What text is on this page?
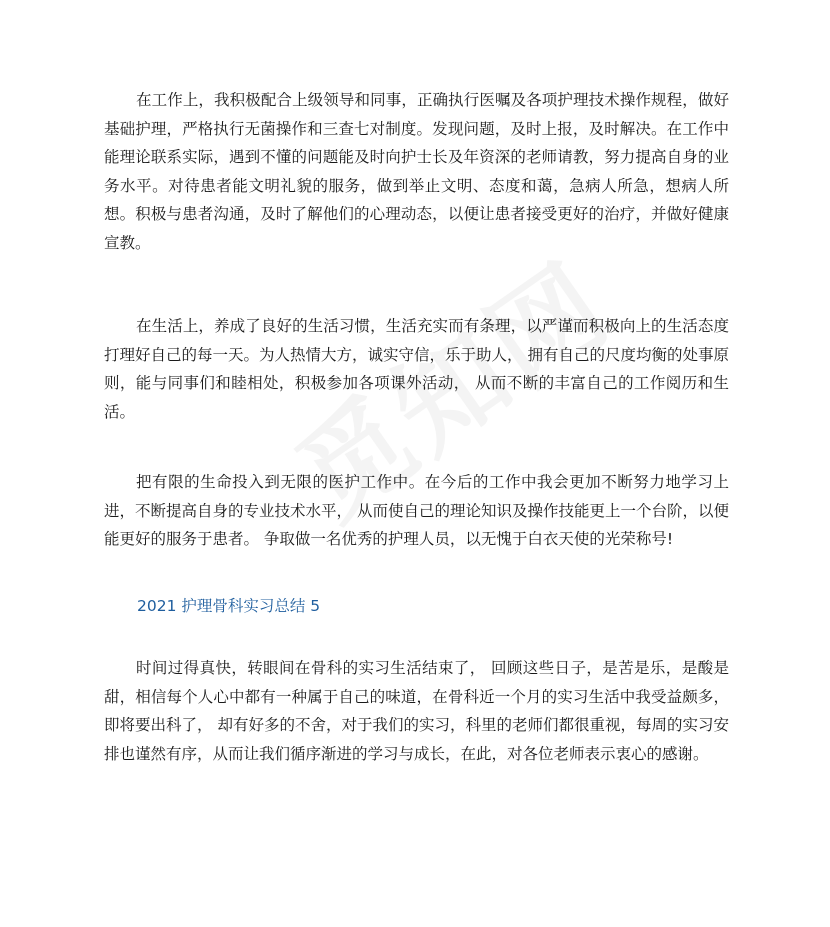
在工作上，我积极配合上级领导和同事，正确执行医嘱及各项护理技术操作规程，做好基础护理，严格执行无菌操作和三查七对制度。发现问题，及时上报，及时解决。在工作中能理论联系实际，遇到不懂的问题能及时向护士长及年资深的老师请教，努力提高自身的业务水平。对待患者能文明礼貌的服务，做到举止文明、态度和蔼，急病人所急，想病人所想。积极与患者沟通，及时了解他们的心理动态，以便让患者接受更好的治疗，并做好健康宣教。

在生活上，养成了良好的生活习惯，生活充实而有条理，以严谨而积极向上的生活态度打理好自己的每一天。为人热情大方，诚实守信，乐于助人， 拥有自己的尺度均衡的处事原则，能与同事们和睦相处，积极参加各项课外活动， 从而不断的丰富自己的工作阅历和生活。

把有限的生命投入到无限的医护工作中。在今后的工作中我会更加不断努力地学习上进，不断提高自身的专业技术水平， 从而使自己的理论知识及操作技能更上一个台阶，以便能更好的服务于患者。 争取做一名优秀的护理人员，以无愧于白衣天使的光荣称号!

2021 护理骨科实习总结 5

时间过得真快，转眼间在骨科的实习生活结束了， 回顾这些日子，是苦是乐，是酸是甜，相信每个人心中都有一种属于自己的味道，在骨科近一个月的实习生活中我受益颇多，即将要出科了， 却有好多的不舍，对于我们的实习，科里的老师们都很重视，每周的实习安排也谨然有序，从而让我们循序渐进的学习与成长，在此，对各位老师表示衷心的感谢。
